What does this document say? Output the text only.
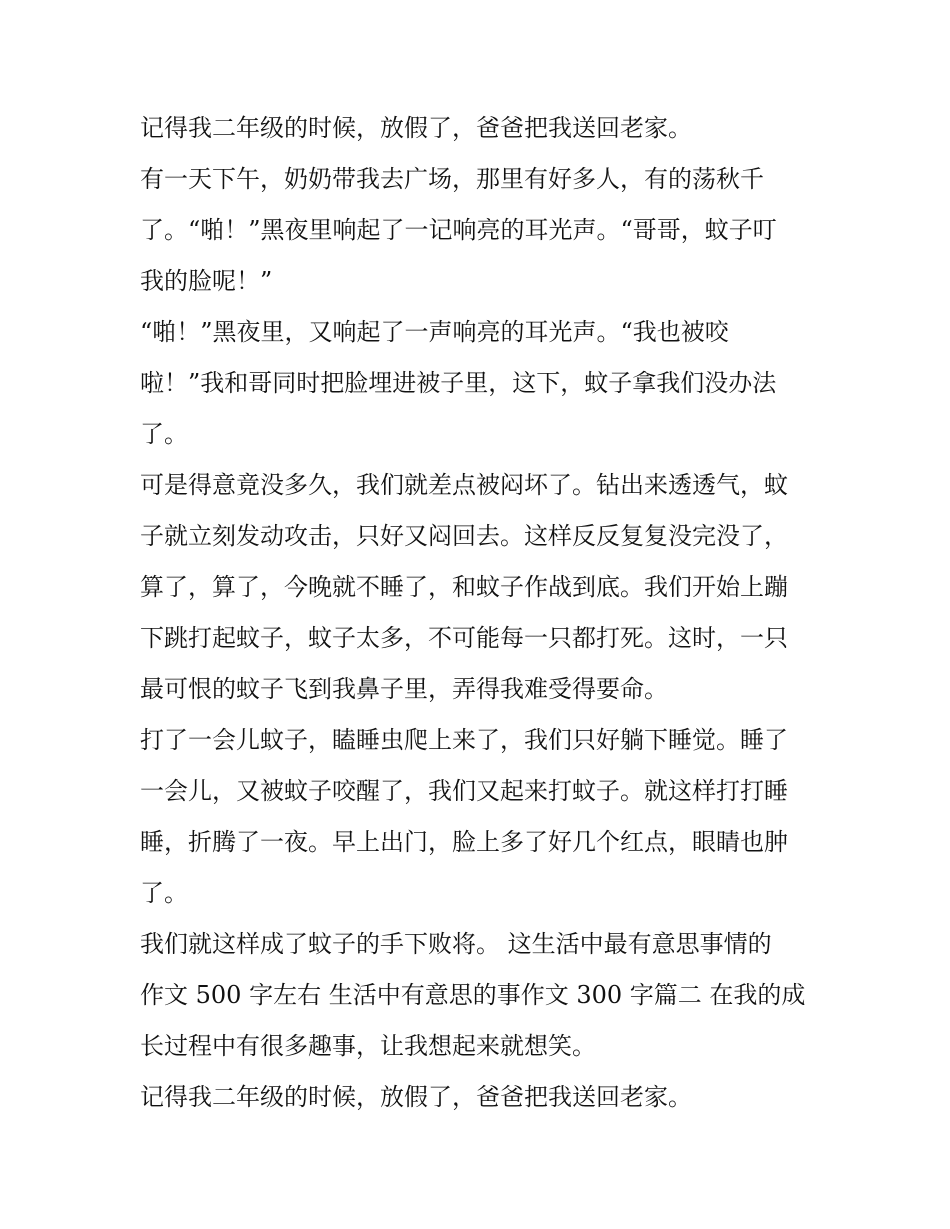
记得我二年级的时候，放假了，爸爸把我送回老家。
有一天下午，奶奶带我去广场，那里有好多人，有的荡秋千
了。“啪！”黑夜里响起了一记响亮的耳光声。“哥哥，蚊子叮
我的脸呢！”
“啪！”黑夜里，又响起了一声响亮的耳光声。“我也被咬
啦！”我和哥同时把脸埋进被子里，这下，蚊子拿我们没办法
了。
可是得意竟没多久，我们就差点被闷坏了。钻出来透透气，蚊
子就立刻发动攻击，只好又闷回去。这样反反复复没完没了，
算了，算了，今晚就不睡了，和蚊子作战到底。我们开始上蹦
下跳打起蚊子，蚊子太多，不可能每一只都打死。这时，一只
最可恨的蚊子飞到我鼻子里，弄得我难受得要命。
打了一会儿蚊子，瞌睡虫爬上来了，我们只好躺下睡觉。睡了
一会儿，又被蚊子咬醒了，我们又起来打蚊子。就这样打打睡
睡，折腾了一夜。早上出门，脸上多了好几个红点，眼睛也肿
了。
我们就这样成了蚊子的手下败将。 这生活中最有意思事情的
作文 500 字左右 生活中有意思的事作文 300 字篇二 在我的成
长过程中有很多趣事，让我想起来就想笑。
记得我二年级的时候，放假了，爸爸把我送回老家。
